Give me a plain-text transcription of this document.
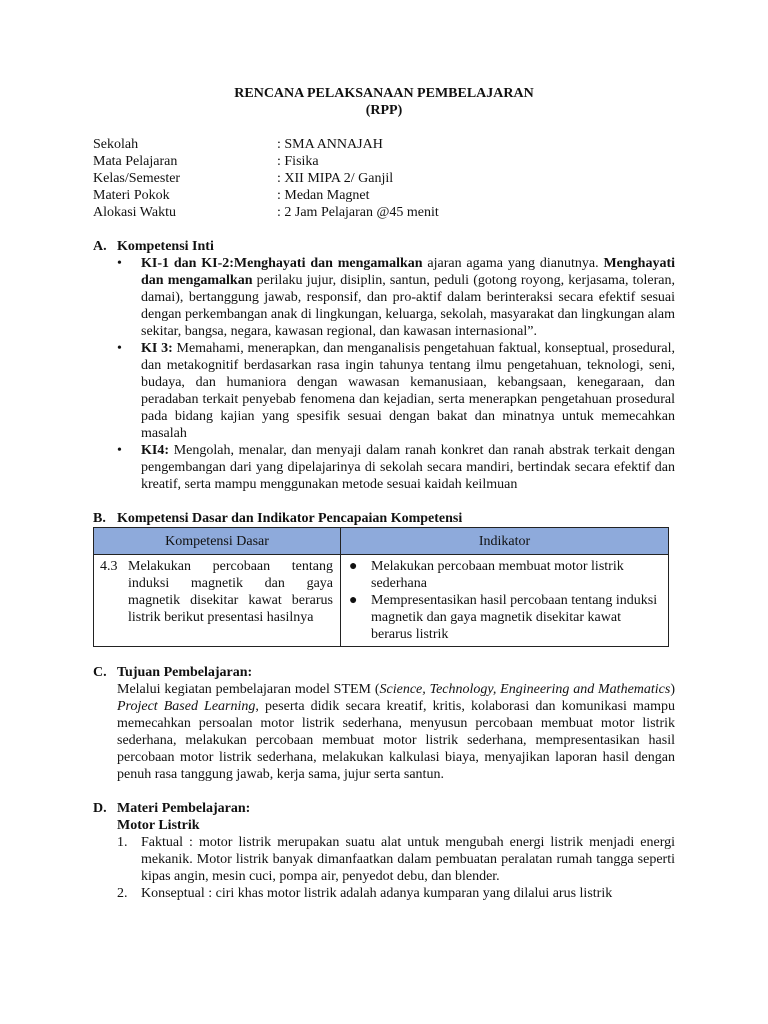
RENCANA PELAKSANAAN PEMBELAJARAN
(RPP)
Sekolah	: SMA ANNAJAH
Mata Pelajaran	: Fisika
Kelas/Semester	: XII MIPA 2/ Ganjil
Materi Pokok	: Medan Magnet
Alokasi Waktu	: 2 Jam Pelajaran @45 menit
A. Kompetensi Inti
•	KI-1 dan KI-2:Menghayati dan mengamalkan ajaran agama yang dianutnya. Menghayati dan mengamalkan perilaku jujur, disiplin, santun, peduli (gotong royong, kerjasama, toleran, damai), bertanggung jawab, responsif, dan pro-aktif dalam berinteraksi secara efektif sesuai dengan perkembangan anak di lingkungan, keluarga, sekolah, masyarakat dan lingkungan alam sekitar, bangsa, negara, kawasan regional, dan kawasan internasional”.
•	KI 3: Memahami, menerapkan, dan menganalisis pengetahuan faktual, konseptual, prosedural, dan metakognitif berdasarkan rasa ingin tahunya tentang ilmu pengetahuan, teknologi, seni, budaya, dan humaniora dengan wawasan kemanusiaan, kebangsaan, kenegaraan, dan peradaban terkait penyebab fenomena dan kejadian, serta menerapkan pengetahuan prosedural pada bidang kajian yang spesifik sesuai dengan bakat dan minatnya untuk memecahkan masalah
•	KI4: Mengolah, menalar, dan menyaji dalam ranah konkret dan ranah abstrak terkait dengan pengembangan dari yang dipelajarinya di sekolah secara mandiri, bertindak secara efektif dan kreatif, serta mampu menggunakan metode sesuai kaidah keilmuan
B. Kompetensi Dasar dan Indikator Pencapaian Kompetensi
Kompetensi Dasar	Indikator
4.3 Melakukan percobaan tentang induksi magnetik dan gaya magnetik disekitar kawat berarus listrik berikut presentasi hasilnya	● Melakukan percobaan membuat motor listrik sederhana
● Mempresentasikan hasil percobaan tentang induksi magnetik dan gaya magnetik disekitar kawat berarus listrik
C. Tujuan Pembelajaran:
Melalui kegiatan pembelajaran model STEM (Science, Technology, Engineering and Mathematics) Project Based Learning, peserta didik secara kreatif, kritis, kolaborasi dan komunikasi mampu memecahkan persoalan motor listrik sederhana, menyusun percobaan membuat motor listrik sederhana, melakukan percobaan membuat motor listrik sederhana, mempresentasikan hasil percobaan motor listrik sederhana, melakukan kalkulasi biaya, menyajikan laporan hasil dengan penuh rasa tanggung jawab, kerja sama, jujur serta santun.
D. Materi Pembelajaran:
Motor Listrik
1. Faktual : motor listrik merupakan suatu alat untuk mengubah energi listrik menjadi energi mekanik. Motor listrik banyak dimanfaatkan dalam pembuatan peralatan rumah tangga seperti kipas angin, mesin cuci, pompa air, penyedot debu, dan blender.
2. Konseptual : ciri khas motor listrik adalah adanya kumparan yang dilalui arus listrik
